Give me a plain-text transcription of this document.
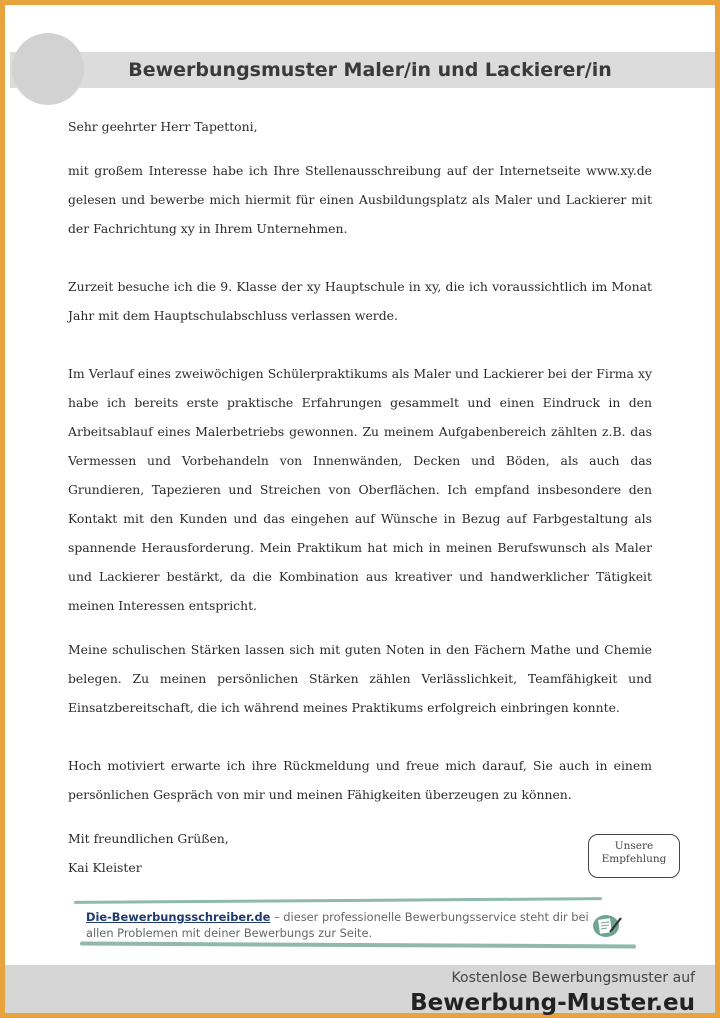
Bewerbungsmuster Maler/in und Lackierer/in

Sehr geehrter Herr Tapettoni,

mit großem Interesse habe ich Ihre Stellenausschreibung auf der Internetseite www.xy.de gelesen und bewerbe mich hiermit für einen Ausbildungsplatz als Maler und Lackierer mit der Fachrichtung xy in Ihrem Unternehmen.

Zurzeit besuche ich die 9. Klasse der xy Hauptschule in xy, die ich voraussichtlich im Monat Jahr mit dem Hauptschulabschluss verlassen werde.

Im Verlauf eines zweiwöchigen Schülerpraktikums als Maler und Lackierer bei der Firma xy habe ich bereits erste praktische Erfahrungen gesammelt und einen Eindruck in den Arbeitsablauf eines Malerbetriebs gewonnen. Zu meinem Aufgabenbereich zählten z.B. das Vermessen und Vorbehandeln von Innenwänden, Decken und Böden, als auch das Grundieren, Tapezieren und Streichen von Oberflächen. Ich empfand insbesondere den Kontakt mit den Kunden und das eingehen auf Wünsche in Bezug auf Farbgestaltung als spannende Herausforderung. Mein Praktikum hat mich in meinen Berufswunsch als Maler und Lackierer bestärkt, da die Kombination aus kreativer und handwerklicher Tätigkeit meinen Interessen entspricht.

Meine schulischen Stärken lassen sich mit guten Noten in den Fächern Mathe und Chemie belegen. Zu meinen persönlichen Stärken zählen Verlässlichkeit, Teamfähigkeit und Einsatzbereitschaft, die ich während meines Praktikums erfolgreich einbringen konnte.

Hoch motiviert erwarte ich ihre Rückmeldung und freue mich darauf, Sie auch in einem persönlichen Gespräch von mir und meinen Fähigkeiten überzeugen zu können.

Mit freundlichen Grüßen,

Kai Kleister

Unsere
Empfehlung
Die-Bewerbungsschreiber.de – dieser professionelle Bewerbungsservice steht dir bei allen Problemen mit deiner Bewerbungs zur Seite.
Kostenlose Bewerbungsmuster auf
Bewerbung-Muster.eu
